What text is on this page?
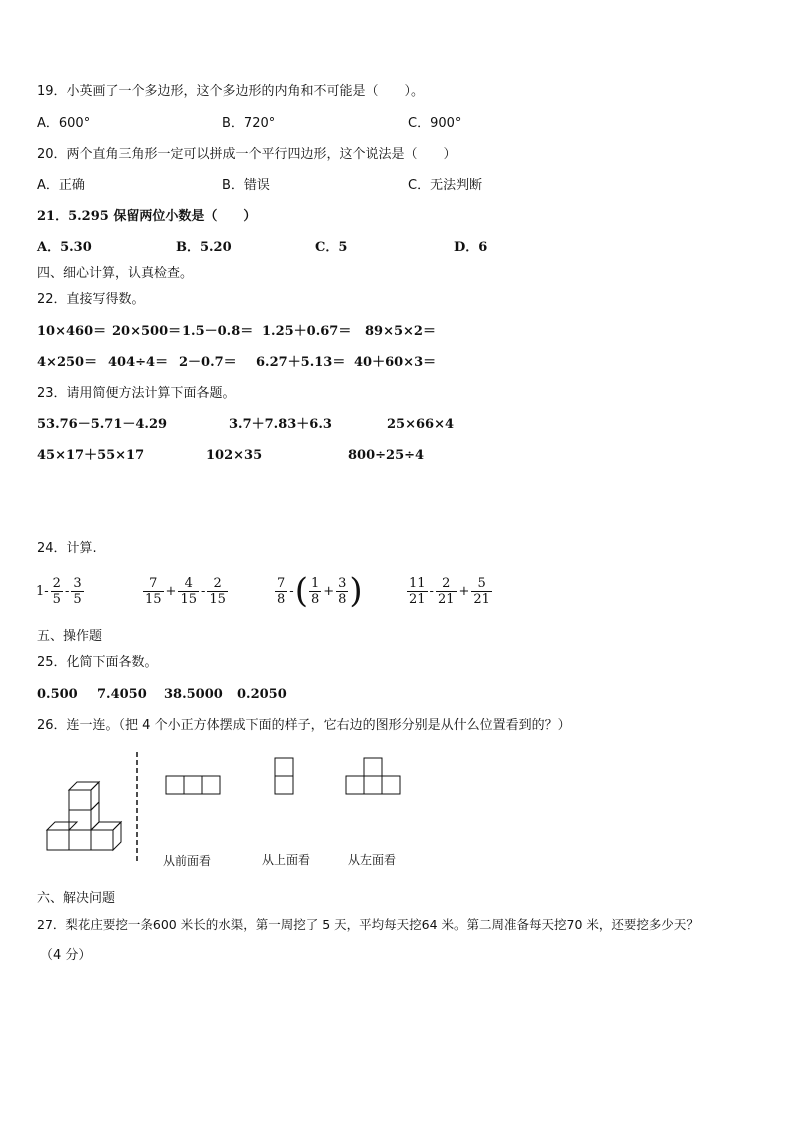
19．小英画了一个多边形，这个多边形的内角和不可能是（　　）。
A．600°	B．720°	C．900°
20．两个直角三角形一定可以拼成一个平行四边形，这个说法是（　　）
A．正确	B．错误	C．无法判断
21．5.295 保留两位小数是（　　）
A．5.30	B．5.20	C．5	D．6
四、细心计算，认真检查。
22．直接写得数。
10×460＝ 20×500＝ 1.5－0.8＝ 1.25＋0.67＝ 89×5×2＝
4×250＝ 404÷4＝ 2－0.7＝ 6.27＋5.13＝ 40＋60×3＝
23．请用简便方法计算下面各题。
53.76－5.71－4.29	3.7＋7.83＋6.3	25×66×4
45×17＋55×17	102×35	800÷25÷4
24．计算.
$1- \frac{2}{5} - \frac{3}{5}$	$\frac{7}{15} + \frac{4}{15} - \frac{2}{15}$	$\frac{7}{8}$ -( $\frac{1}{8} + \frac{3}{8}$ )	$\frac{11}{21} - \frac{2}{21} + \frac{5}{21}$
五、操作题
25．化简下面各数。
0.500 7.4050 38.5000 0.2050
26．连一连。（把 4 个小正方体摆成下面的样子，它右边的图形分别是从什么位置看到的？）
从前面看	从上面看	从左面看
六、解决问题
27．梨花庄要挖一条600 米长的水渠，第一周挖了 5 天，平均每天挖64 米。第二周准备每天挖70 米，还要挖多少天？
（4 分）
